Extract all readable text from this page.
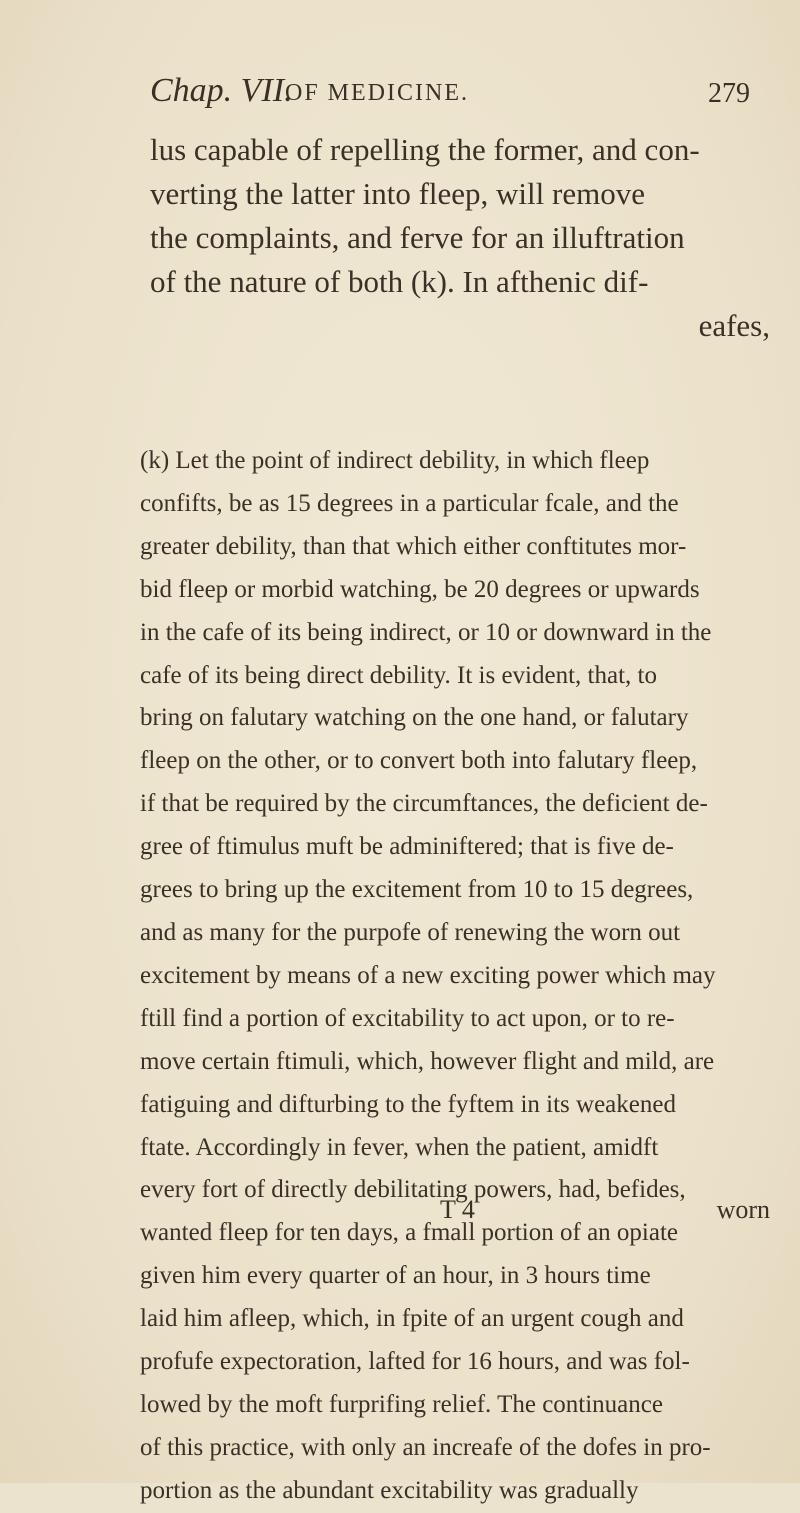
Chap. VII.
OF MEDICINE.	279
lus capable of repelling the former, and con-
verting the latter into fleep, will remove
the complaints, and ferve for an illuftration
of the nature of both (k). In afthenic dif-
eafes,
(k) Let the point of indirect debility, in which fleep
confifts, be as 15 degrees in a particular fcale, and the
greater debility, than that which either conftitutes mor-
bid fleep or morbid watching, be 20 degrees or upwards
in the cafe of its being indirect, or 10 or downward in the
cafe of its being direct debility. It is evident, that, to
bring on falutary watching on the one hand, or falutary
fleep on the other, or to convert both into falutary fleep,
if that be required by the circumftances, the deficient de-
gree of ftimulus muft be adminiftered; that is five de-
grees to bring up the excitement from 10 to 15 degrees,
and as many for the purpofe of renewing the worn out
excitement by means of a new exciting power which may
ftill find a portion of excitability to act upon, or to re-
move certain ftimuli, which, however flight and mild, are
fatiguing and difturbing to the fyftem in its weakened
ftate. Accordingly in fever, when the patient, amidft
every fort of directly debilitating powers, had, befides,
wanted fleep for ten days, a fmall portion of an opiate
given him every quarter of an hour, in 3 hours time
laid him afleep, which, in fpite of an urgent cough and
profufe expectoration, lafted for 16 hours, and was fol-
lowed by the moft furprifing relief. The continuance
of this practice, with only an increafe of the dofes in pro-
portion as the abundant excitability was gradually
T 4	worn
